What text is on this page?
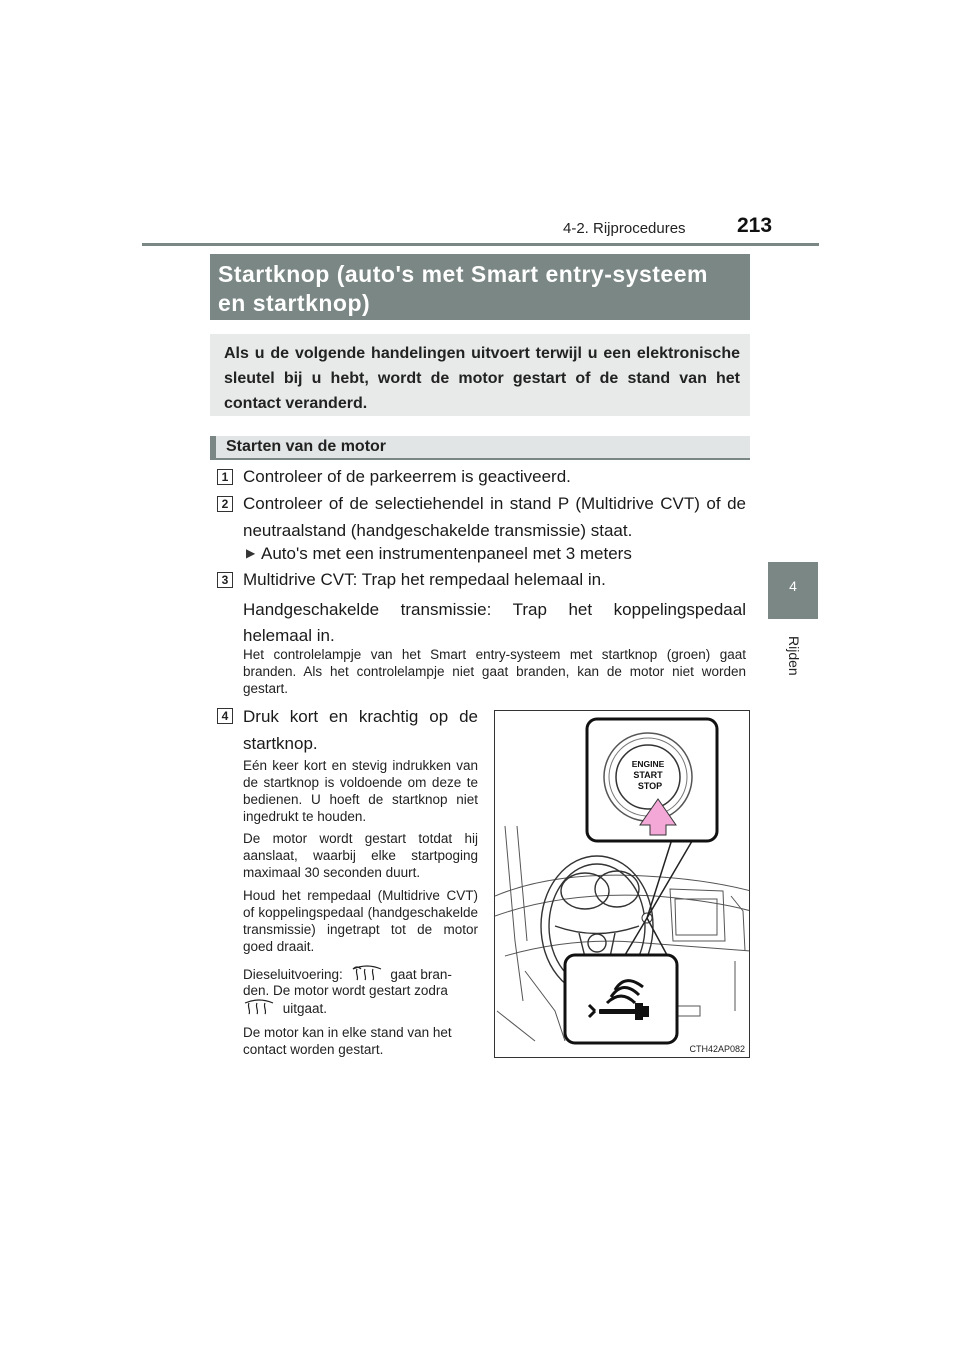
4-2. Rijprocedures 213
4
Rijden
Startknop (auto's met Smart entry-systeem en startknop)
Als u de volgende handelingen uitvoert terwijl u een elektronische sleutel bij u hebt, wordt de motor gestart of de stand van het contact veranderd.
Starten van de motor
1 Controleer of de parkeerrem is geactiveerd.
2 Controleer of de selectiehendel in stand P (Multidrive CVT) of de neutraalstand (handgeschakelde transmissie) staat.
▶ Auto's met een instrumentenpaneel met 3 meters
3 Multidrive CVT: Trap het rempedaal helemaal in.
Handgeschakelde transmissie: Trap het koppelingspedaal helemaal in.
Het controlelampje van het Smart entry-systeem met startknop (groen) gaat branden. Als het controlelampje niet gaat branden, kan de motor niet worden gestart.
4 Druk kort en krachtig op de startknop.
Eén keer kort en stevig indrukken van de startknop is voldoende om deze te bedienen. U hoeft de startknop niet ingedrukt te houden.
De motor wordt gestart totdat hij aanslaat, waarbij elke startpoging maximaal 30 seconden duurt.
Houd het rempedaal (Multidrive CVT) of koppelingspedaal (handgeschakelde transmissie) ingetrapt tot de motor goed draait.
Dieseluitvoering:	gaat bran-
den. De motor wordt gestart zodra
uitgaat.
De motor kan in elke stand van het contact worden gestart.
ENGINE
START
STOP
CTH42AP082
